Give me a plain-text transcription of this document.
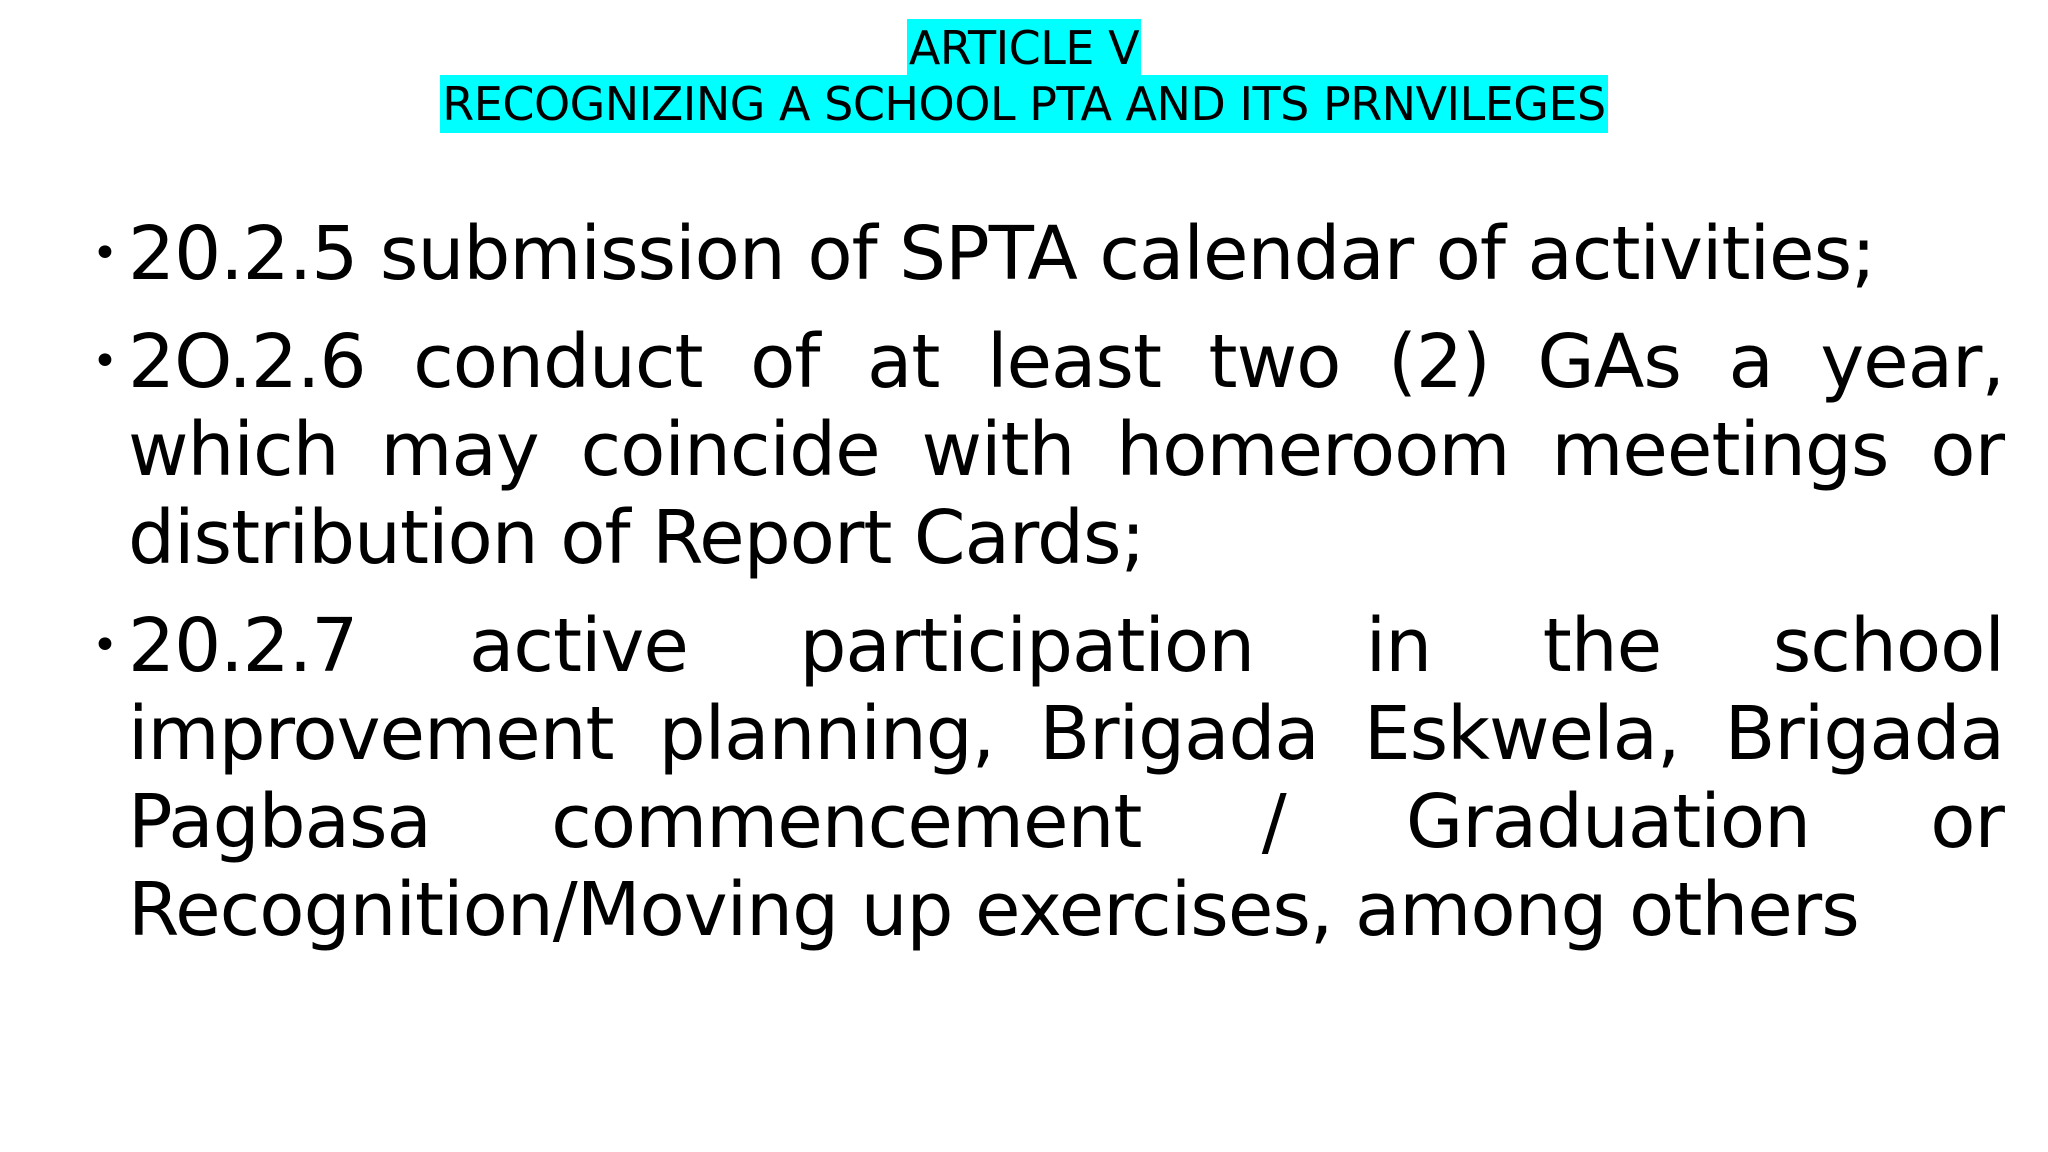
ARTICLE V
RECOGNIZING A SCHOOL PTA AND ITS PRNVILEGES
• 20.2.5 submission of SPTA calendar of activities;
• 2O.2.6 conduct of at least two (2) GAs a year, which may coincide with homeroom meetings or distribution of Report Cards;
• 20.2.7 active participation in the school improvement planning, Brigada Eskwela, Brigada Pagbasa commencement / Graduation or Recognition/Moving up exercises, among others
